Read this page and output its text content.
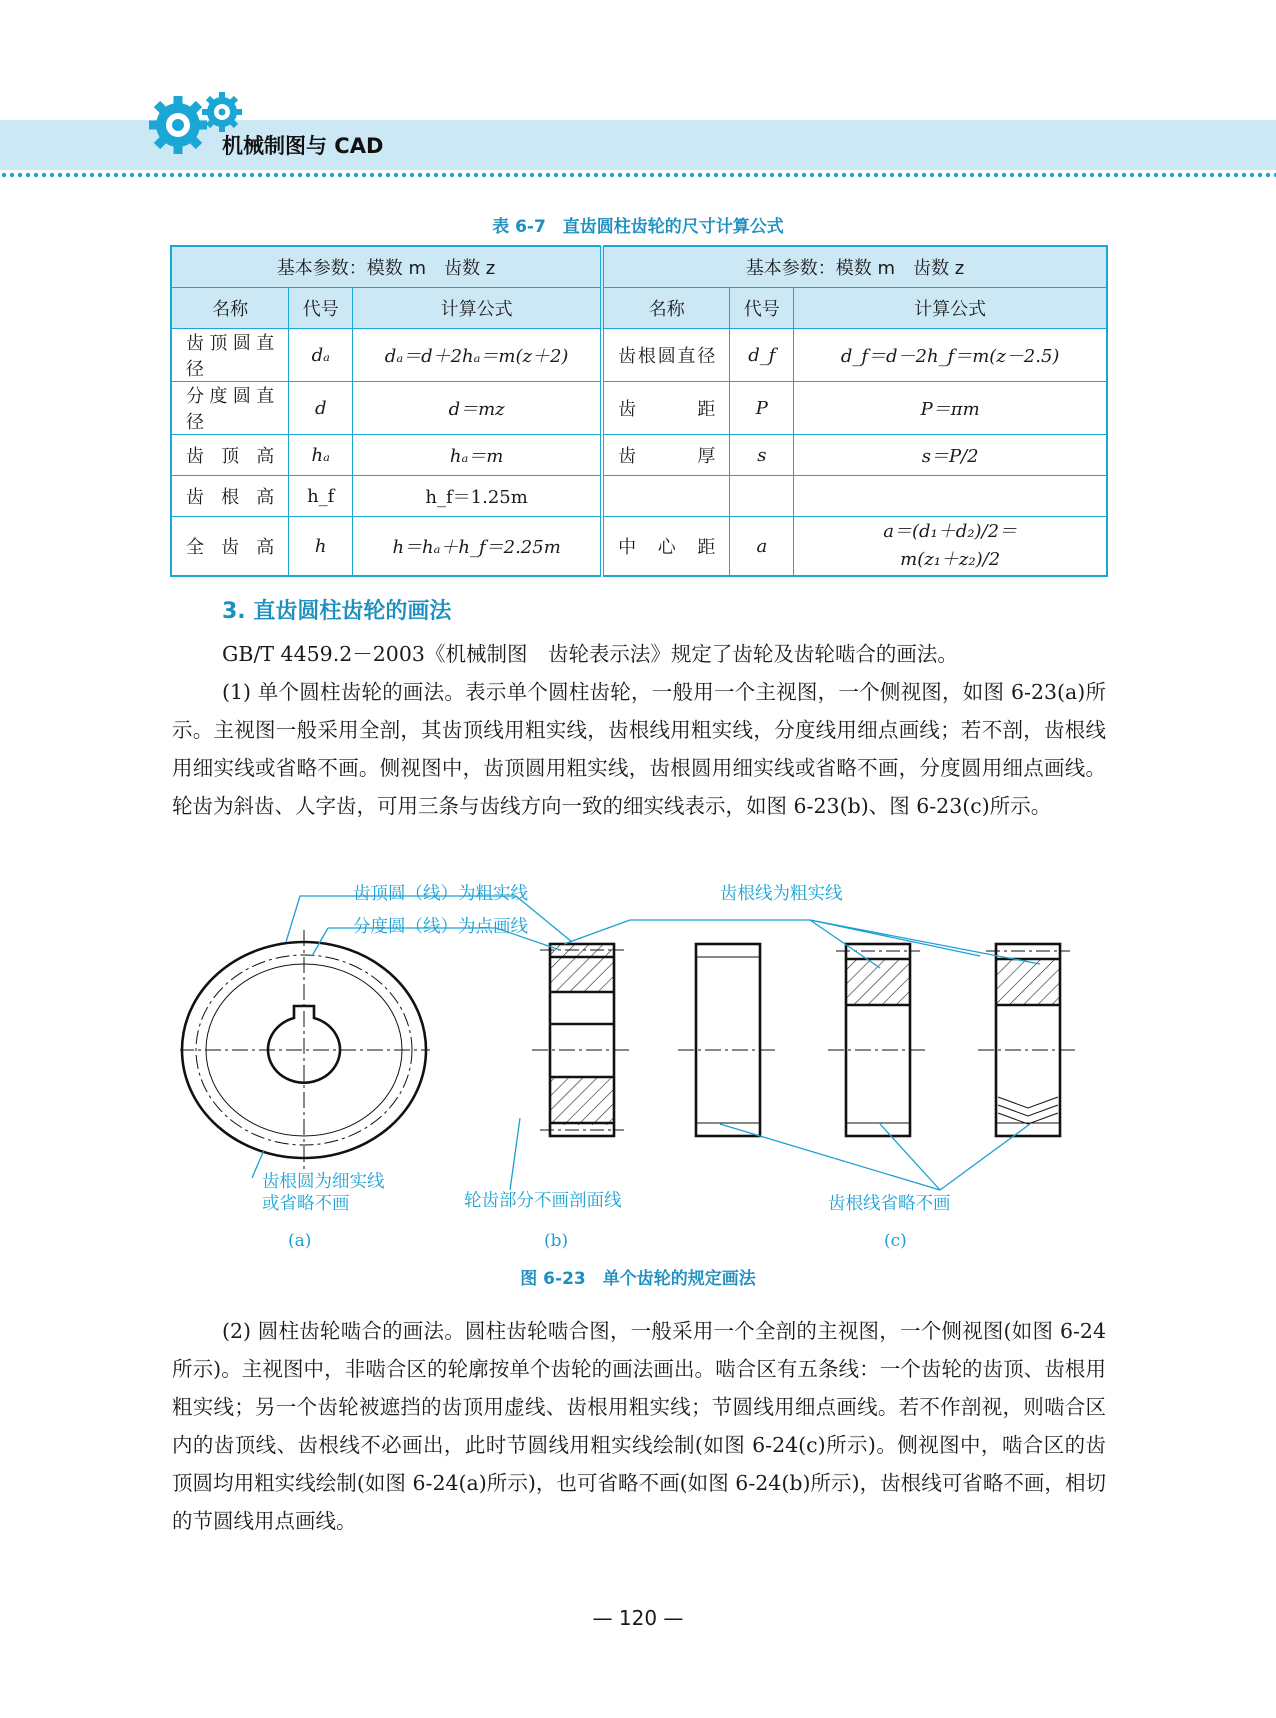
机械制图与 CAD
表 6-7　直齿圆柱齿轮的尺寸计算公式
基本参数：模数 m　齿数 z			基本参数：模数 m　齿数 z		
名称	代号	计算公式	名称	代号	计算公式
齿顶圆直径	dₐ	dₐ＝d＋2hₐ＝m(z＋2)	齿根圆直径	d_f	d_f＝d－2h_f＝m(z－2.5)
分度圆直径	d	d＝mz	齿　距	P	P＝πm
齿顶高	hₐ	hₐ＝m	齿　厚	s	s＝P/2
齿根高	h_f	h_f＝1.25m			
全齿高	h	h＝hₐ＋h_f＝2.25m	中心距	a	a＝(d₁＋d₂)/2＝
m(z₁＋z₂)/2
3. 直齿圆柱齿轮的画法

GB/T 4459.2－2003《机械制图　齿轮表示法》规定了齿轮及齿轮啮合的画法。

(1) 单个圆柱齿轮的画法。表示单个圆柱齿轮，一般用一个主视图，一个侧视图，如图 6-23(a)所示。主视图一般采用全剖，其齿顶线用粗实线，齿根线用粗实线，分度线用细点画线；若不剖，齿根线用细实线或省略不画。侧视图中，齿顶圆用粗实线，齿根圆用细实线或省略不画，分度圆用细点画线。轮齿为斜齿、人字齿，可用三条与齿线方向一致的细实线表示，如图 6-23(b)、图 6-23(c)所示。

齿顶圆（线）为粗实线
分度圆（线）为点画线
齿根线为粗实线
齿根圆为细实线
或省略不画	轮齿部分不画剖面线	齿根线省略不画
(a)	(b)	(c)
图 6-23　单个齿轮的规定画法

(2) 圆柱齿轮啮合的画法。圆柱齿轮啮合图，一般采用一个全剖的主视图，一个侧视图(如图 6-24 所示)。主视图中，非啮合区的轮廓按单个齿轮的画法画出。啮合区有五条线：一个齿轮的齿顶、齿根用粗实线；另一个齿轮被遮挡的齿顶用虚线、齿根用粗实线；节圆线用细点画线。若不作剖视，则啮合区内的齿顶线、齿根线不必画出，此时节圆线用粗实线绘制(如图 6-24(c)所示)。侧视图中，啮合区的齿顶圆均用粗实线绘制(如图 6-24(a)所示)，也可省略不画(如图 6-24(b)所示)，齿根线可省略不画，相切的节圆线用点画线。

— 120 —
